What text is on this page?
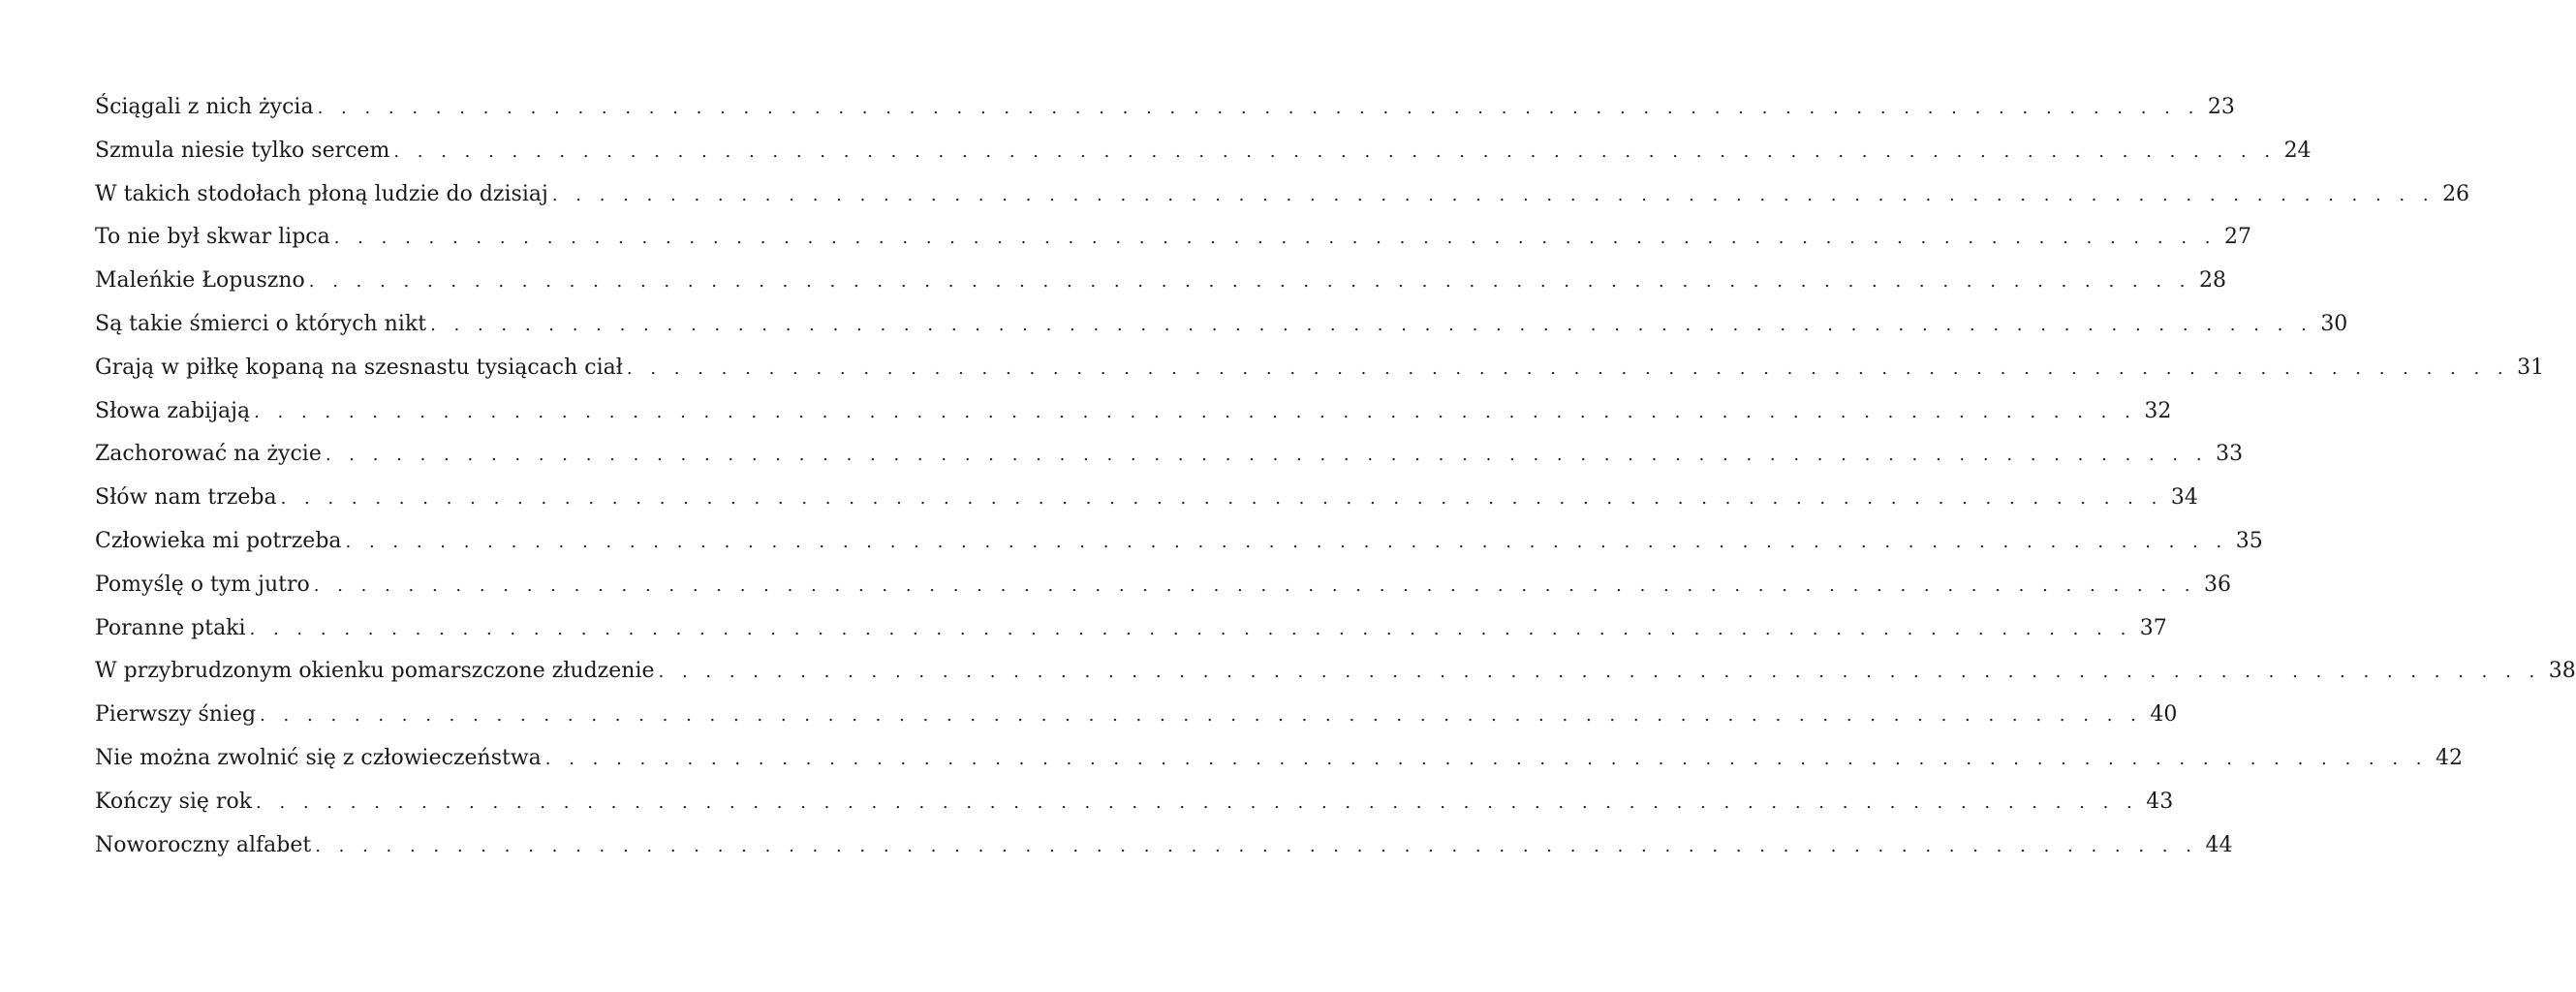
Ściągali z nich życia . . . . . . . . . . . . . . . . . . . . . . . . . . . . . . . . . . . . . . . . . . . . . . . . . . . . . . . . . . . . . . . . . . . . . . . . . . . . . . . . 23
Szmula niesie tylko sercem . . . . . . . . . . . . . . . . . . . . . . . . . . . . . . . . . . . . . . . . . . . . . . . . . . . . . . . . . . . . . . . . . . . . . . . . . . . . . . . . 24
W takich stodołach płoną ludzie do dzisiaj . . . . . . . . . . . . . . . . . . . . . . . . . . . . . . . . . . . . . . . . . . . . . . . . . . . . . . . . . . . . . . . . . . . . . . . . . . . . . . . . 26
To nie był skwar lipca . . . . . . . . . . . . . . . . . . . . . . . . . . . . . . . . . . . . . . . . . . . . . . . . . . . . . . . . . . . . . . . . . . . . . . . . . . . . . . . . 27
Maleńkie Łopuszno . . . . . . . . . . . . . . . . . . . . . . . . . . . . . . . . . . . . . . . . . . . . . . . . . . . . . . . . . . . . . . . . . . . . . . . . . . . . . . . . 28
Są takie śmierci o których nikt . . . . . . . . . . . . . . . . . . . . . . . . . . . . . . . . . . . . . . . . . . . . . . . . . . . . . . . . . . . . . . . . . . . . . . . . . . . . . . . . 30
Grają w piłkę kopaną na szesnastu tysiącach ciał . . . . . . . . . . . . . . . . . . . . . . . . . . . . . . . . . . . . . . . . . . . . . . . . . . . . . . . . . . . . . . . . . . . . . . . . . . . . . . . . 31
Słowa zabijają . . . . . . . . . . . . . . . . . . . . . . . . . . . . . . . . . . . . . . . . . . . . . . . . . . . . . . . . . . . . . . . . . . . . . . . . . . . . . . . . 32
Zachorować na życie . . . . . . . . . . . . . . . . . . . . . . . . . . . . . . . . . . . . . . . . . . . . . . . . . . . . . . . . . . . . . . . . . . . . . . . . . . . . . . . . 33
Słów nam trzeba . . . . . . . . . . . . . . . . . . . . . . . . . . . . . . . . . . . . . . . . . . . . . . . . . . . . . . . . . . . . . . . . . . . . . . . . . . . . . . . . 34
Człowieka mi potrzeba . . . . . . . . . . . . . . . . . . . . . . . . . . . . . . . . . . . . . . . . . . . . . . . . . . . . . . . . . . . . . . . . . . . . . . . . . . . . . . . . 35
Pomyślę o tym jutro . . . . . . . . . . . . . . . . . . . . . . . . . . . . . . . . . . . . . . . . . . . . . . . . . . . . . . . . . . . . . . . . . . . . . . . . . . . . . . . . 36
Poranne ptaki . . . . . . . . . . . . . . . . . . . . . . . . . . . . . . . . . . . . . . . . . . . . . . . . . . . . . . . . . . . . . . . . . . . . . . . . . . . . . . . . 37
W przybrudzonym okienku pomarszczone złudzenie . . . . . . . . . . . . . . . . . . . . . . . . . . . . . . . . . . . . . . . . . . . . . . . . . . . . . . . . . . . . . . . . . . . . . . . . . . . . . . . . 38
Pierwszy śnieg . . . . . . . . . . . . . . . . . . . . . . . . . . . . . . . . . . . . . . . . . . . . . . . . . . . . . . . . . . . . . . . . . . . . . . . . . . . . . . . . 40
Nie można zwolnić się z człowieczeństwa . . . . . . . . . . . . . . . . . . . . . . . . . . . . . . . . . . . . . . . . . . . . . . . . . . . . . . . . . . . . . . . . . . . . . . . . . . . . . . . . 42
Kończy się rok . . . . . . . . . . . . . . . . . . . . . . . . . . . . . . . . . . . . . . . . . . . . . . . . . . . . . . . . . . . . . . . . . . . . . . . . . . . . . . . . 43
Noworoczny alfabet . . . . . . . . . . . . . . . . . . . . . . . . . . . . . . . . . . . . . . . . . . . . . . . . . . . . . . . . . . . . . . . . . . . . . . . . . . . . . . . . 44
